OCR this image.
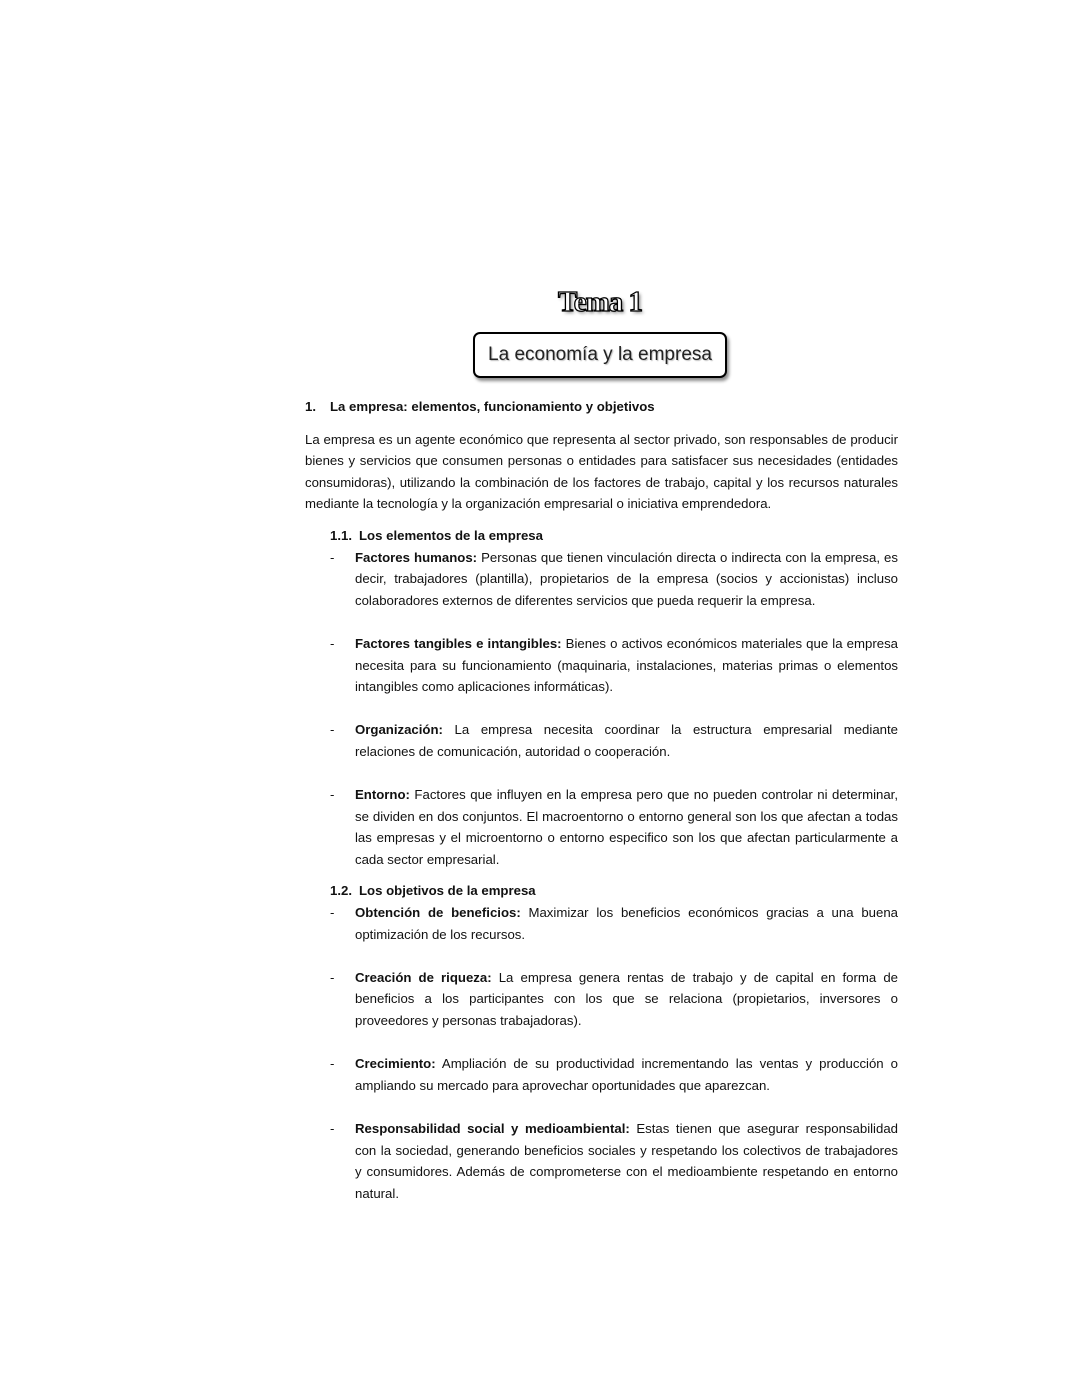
Tema 1
La economía y la empresa
1.	La empresa: elementos, funcionamiento y objetivos

La empresa es un agente económico que representa al sector privado, son responsables de producir bienes y servicios que consumen personas o entidades para satisfacer sus necesidades (entidades consumidoras), utilizando la combinación de los factores de trabajo, capital y los recursos naturales mediante la tecnología y la organización empresarial o iniciativa emprendedora.

1.1. Los elementos de la empresa
-	Factores humanos: Personas que tienen vinculación directa o indirecta con la empresa, es decir, trabajadores (plantilla), propietarios de la empresa (socios y accionistas) incluso colaboradores externos de diferentes servicios que pueda requerir la empresa.
-	Factores tangibles e intangibles: Bienes o activos económicos materiales que la empresa necesita para su funcionamiento (maquinaria, instalaciones, materias primas o elementos intangibles como aplicaciones informáticas).
-	Organización: La empresa necesita coordinar la estructura empresarial mediante relaciones de comunicación, autoridad o cooperación.
-	Entorno: Factores que influyen en la empresa pero que no pueden controlar ni determinar, se dividen en dos conjuntos. El macroentorno o entorno general son los que afectan a todas las empresas y el microentorno o entorno especifico son los que afectan particularmente a cada sector empresarial.
1.2. Los objetivos de la empresa
-	Obtención de beneficios: Maximizar los beneficios económicos gracias a una buena optimización de los recursos.
-	Creación de riqueza: La empresa genera rentas de trabajo y de capital en forma de beneficios a los participantes con los que se relaciona (propietarios, inversores o proveedores y personas trabajadoras).
-	Crecimiento: Ampliación de su productividad incrementando las ventas y producción o ampliando su mercado para aprovechar oportunidades que aparezcan.
-	Responsabilidad social y medioambiental: Estas tienen que asegurar responsabilidad con la sociedad, generando beneficios sociales y respetando los colectivos de trabajadores y consumidores. Además de comprometerse con el medioambiente respetando en entorno natural.
